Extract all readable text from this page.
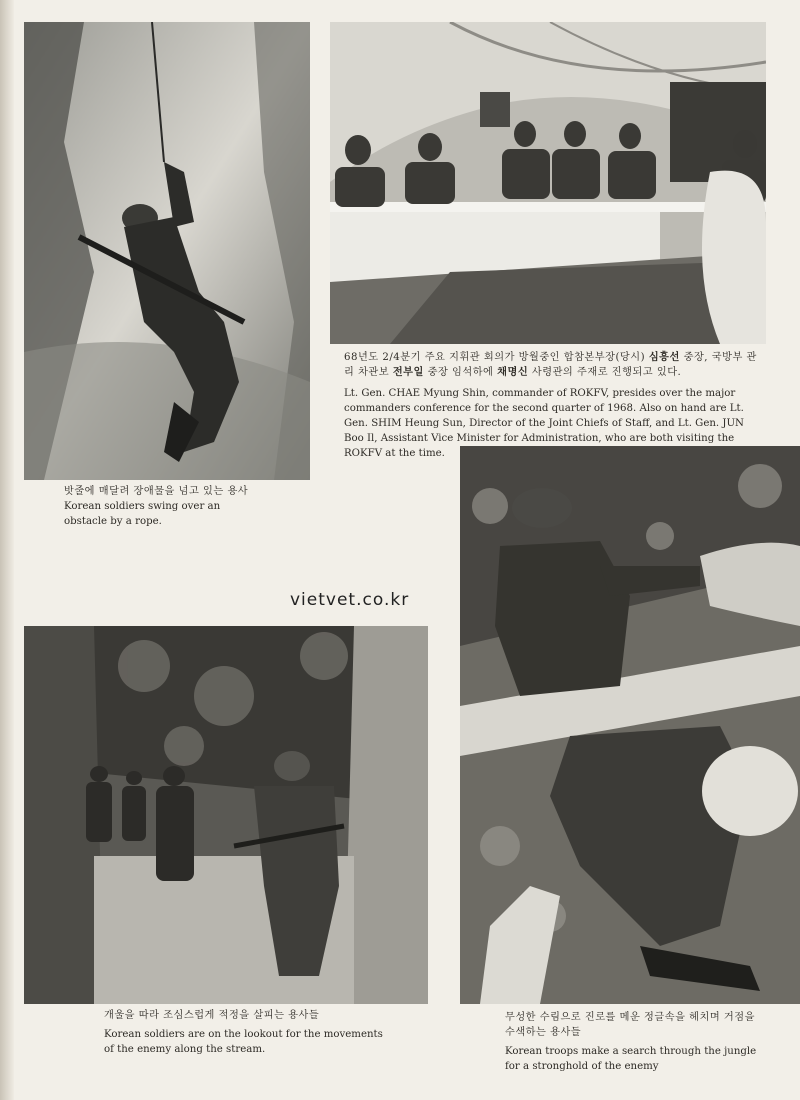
68년도 2/4분기 주요 지휘관 회의가 방월중인 합참본부장(당시) 심흥선 중장, 국방부 관리 차관보 전부일 중장 임석하에 채명신 사령관의 주재로 진행되고 있다.

Lt. Gen. CHAE Myung Shin, commander of ROKFV, presides over the major commanders conference for the second quarter of 1968. Also on hand are Lt. Gen. SHIM Heung Sun, Director of the Joint Chiefs of Staff, and Lt. Gen. JUN Boo Il, Assistant Vice Minister for Administration, who are both visiting the ROKFV at the time.

밧줄에 매달려 장애물을 넘고 있는 용사

Korean soldiers swing over an obstacle by a rope.

vietvet.co.kr

개울을 따라 조심스럽게 적정을 살피는 용사들

Korean soldiers are on the lookout for the movements of the enemy along the stream.

무성한 수림으로 진로를 메운 정글속을 헤치며 거점을 수색하는 용사들

Korean troops make a search through the jungle for a stronghold of the enemy
